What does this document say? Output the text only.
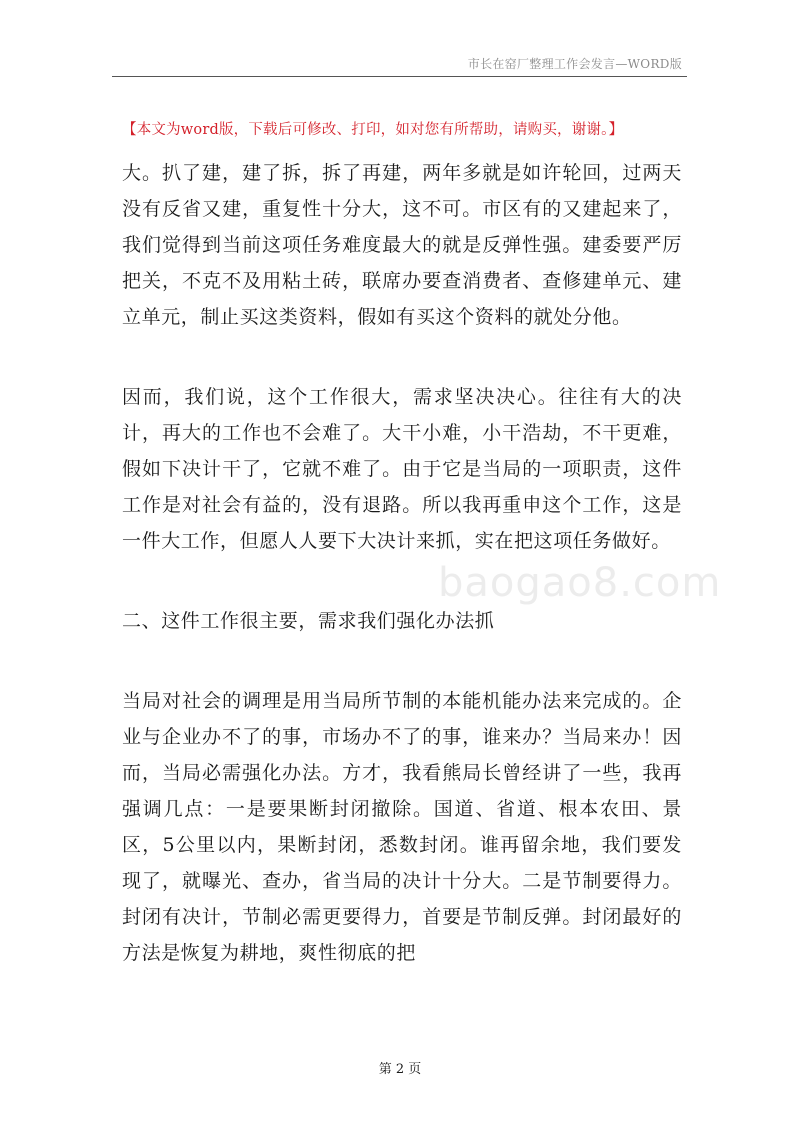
市长在窑厂整理工作会发言—WORD版
【本文为word版，下载后可修改、打印，如对您有所帮助，请购买，谢谢。】
baogao8.com

大。扒了建，建了拆，拆了再建，两年多就是如许轮回，过两天没有反省又建，重复性十分大，这不可。市区有的又建起来了，我们觉得到当前这项任务难度最大的就是反弹性强。建委要严厉把关，不克不及用粘土砖，联席办要查消费者、查修建单元、建立单元，制止买这类资料，假如有买这个资料的就处分他。

因而，我们说，这个工作很大，需求坚决决心。往往有大的决计，再大的工作也不会难了。大干小难，小干浩劫，不干更难，假如下决计干了，它就不难了。由于它是当局的一项职责，这件工作是对社会有益的，没有退路。所以我再重申这个工作，这是一件大工作，但愿人人要下大决计来抓，实在把这项任务做好。

二、这件工作很主要，需求我们强化办法抓

当局对社会的调理是用当局所节制的本能机能办法来完成的。企业与企业办不了的事，市场办不了的事，谁来办？当局来办！因而，当局必需强化办法。方才，我看熊局长曾经讲了一些，我再强调几点：一是要果断封闭撤除。国道、省道、根本农田、景区，5公里以内，果断封闭，悉数封闭。谁再留余地，我们要发现了，就曝光、查办，省当局的决计十分大。二是节制要得力。封闭有决计，节制必需更要得力，首要是节制反弹。封闭最好的方法是恢复为耕地，爽性彻底的把

第 2 页
